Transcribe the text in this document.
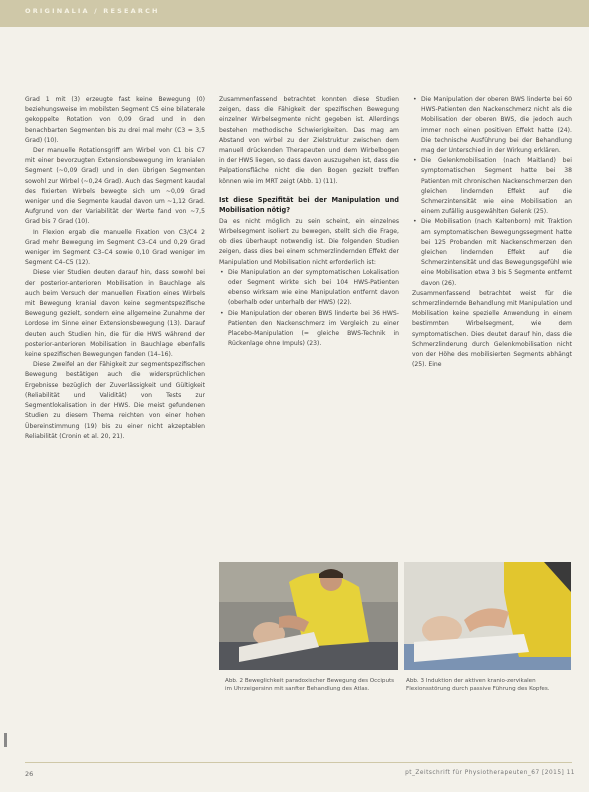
ORIGINALIA / RESEARCH

Grad 1 mit (3) erzeugte fast keine Bewegung (0) beziehungsweise im mobilsten Segment C5 eine bilaterale gekoppelte Rotation von 0,09 Grad und in den benachbarten Segmenten bis zu drei mal mehr (C3 = 3,5 Grad) (10).

Der manuelle Rotationsgriff am Wirbel von C1 bis C7 mit einer bevorzugten Extensionsbewegung im kranialen Segment (~0,09 Grad) und in den übrigen Segmenten sowohl zur Wirbel (~0,24 Grad). Auch das Segment kaudal des fixierten Wirbels bewegte sich um ~0,09 Grad weniger und die Segmente kaudal davon um ~1,12 Grad. Aufgrund von der Variabilität der Werte fand von ~7,5 Grad bis 7 Grad (10).

In Flexion ergab die manuelle Fixation von C3/C4 2 Grad mehr Bewegung im Segment C3–C4 und 0,29 Grad weniger im Segment C3–C4 sowie 0,10 Grad weniger im Segment C4–C5 (12).

Diese vier Studien deuten darauf hin, dass sowohl bei der posterior-anterioren Mobilisation in Bauchlage als auch beim Versuch der manuellen Fixation eines Wirbels mit Bewegung kranial davon keine segmentspezifische Bewegung gezielt, sondern eine allgemeine Zunahme der Lordose im Sinne einer Extensionsbewegung (13). Darauf deuten auch Studien hin, die für die HWS während der posterior-anterioren Mobilisation in Bauchlage ebenfalls keine spezifischen Bewegungen fanden (14–16).

Diese Zweifel an der Fähigkeit zur segmentspezifischen Bewegung bestätigen auch die widersprüchlichen Ergebnisse bezüglich der Zuverlässigkeit und Gültigkeit (Reliabilität und Validität) von Tests zur Segmentlokalisation in der HWS. Die meist gefundenen Studien zu diesem Thema reichten von einer hohen Übereinstimmung (19) bis zu einer nicht akzeptablen Reliabilität (Cronin et al. 20, 21).

Zusammenfassend betrachtet konnten diese Studien zeigen, dass die Fähigkeit der spezifischen Bewegung einzelner Wirbelsegmente nicht gegeben ist. Allerdings bestehen methodische Schwierigkeiten. Das mag am Abstand von wirbel zu der Zielstruktur zwischen dem manuell drückenden Therapeuten und dem Wirbelbogen in der HWS liegen, so dass davon auszugehen ist, dass die Palpationsfläche nicht die den Bogen gezielt treffen können wie im MRT zeigt (Abb. 1) (11).

Ist diese Spezifität bei der Manipulation und Mobilisation nötig?

Da es nicht möglich zu sein scheint, ein einzelnes Wirbelsegment isoliert zu bewegen, stellt sich die Frage, ob dies überhaupt notwendig ist. Die folgenden Studien zeigen, dass dies bei einem schmerzlindernden Effekt der Manipulation und Mobilisation nicht erforderlich ist:

• Die Manipulation an der symptomatischen Lokalisation oder Segment wirkte sich bei 104 HWS-Patienten ebenso wirksam wie eine Manipulation entfernt davon (oberhalb oder unterhalb der HWS) (22).
• Die Manipulation der oberen BWS linderte bei 36 HWS-Patienten den Nackenschmerz im Vergleich zu einer Placebo-Manipulation (= gleiche BWS-Technik in Rückenlage ohne Impuls) (23).
• Die Manipulation der oberen BWS linderte bei 60 HWS-Patienten den Nackenschmerz nicht als die Mobilisation der oberen BWS, die jedoch auch immer noch einen positiven Effekt hatte (24). Die technische Ausführung bei der Behandlung mag der Unterschied in der Wirkung erklären.
• Die Gelenkmobilisation (nach Maitland) bei symptomatischen Segment hatte bei 38 Patienten mit chronischen Nackenschmerzen den gleichen lindernden Effekt auf die Schmerzintensität wie eine Mobilisation an einem zufällig ausgewählten Gelenk (25).
• Die Mobilisation (nach Kaltenborn) mit Traktion am symptomatischen Bewegungssegment hatte bei 125 Probanden mit Nackenschmerzen den gleichen lindernden Effekt auf die Schmerzintensität und das Bewegungsgefühl wie eine Mobilisation etwa 3 bis 5 Segmente entfernt davon (26).

Zusammenfassend betrachtet weist für die schmerzlindernde Behandlung mit Manipulation und Mobilisation keine spezielle Anwendung in einem bestimmten Wirbelsegment, wie dem symptomatischen. Dies deutet darauf hin, dass die Schmerzlinderung durch Gelenkmobilisation nicht von der Höhe des mobilisierten Segments abhängt (25). Eine

Abb. 2 Beweglichkeit paradoxischer Bewegung des Occiputs im Uhrzeigersinn mit sanfter Behandlung des Atlas.
Abb. 3 Induktion der aktiven kranio-zervikalen Flexionsstörung durch passive Führung des Kopfes.
26	pt_Zeitschrift für Physiotherapeuten_67 [2015] 11
